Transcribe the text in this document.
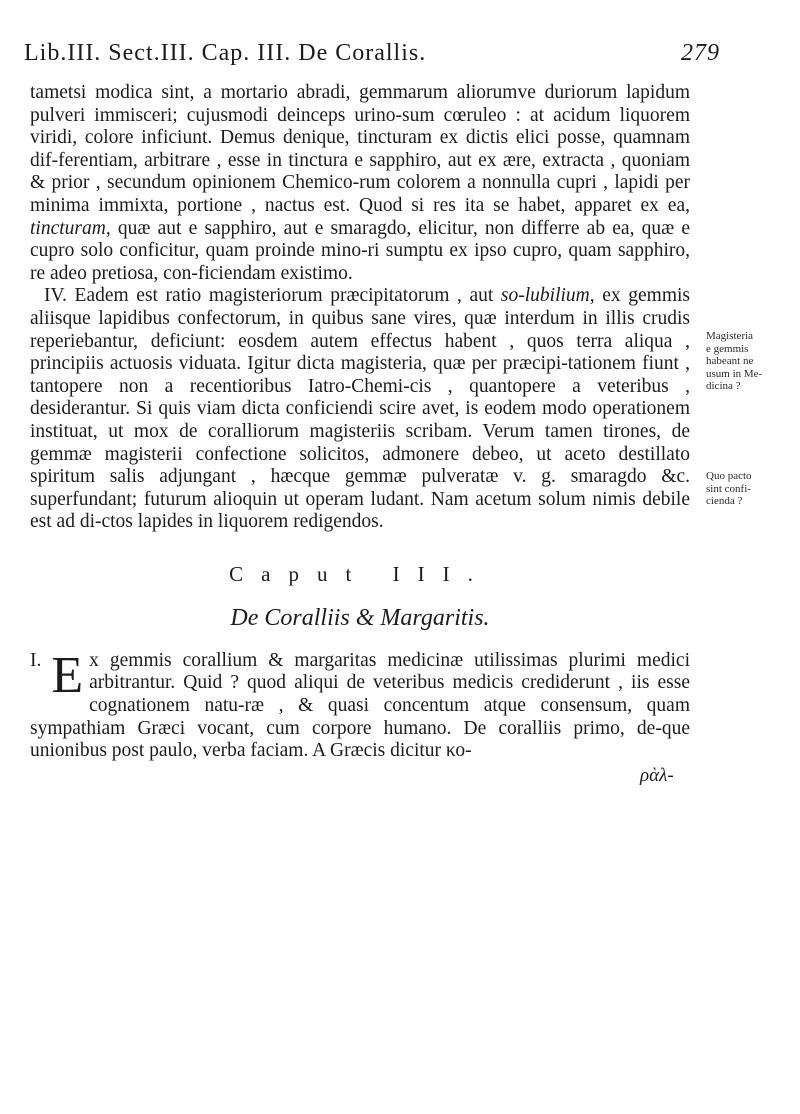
Lib.III. Sect.III. Cap. III. De Corallis.	279

tametsi modica sint, a mortario abradi, gemmarum aliorumve duriorum lapidum pulveri immisceri; cujusmodi deinceps urino-sum cœruleo : at acidum liquorem viridi, colore inficiunt. Demus denique, tincturam ex dictis elici posse, quamnam dif-ferentiam, arbitrare , esse in tinctura e sapphiro, aut ex ære, extracta , quoniam & prior , secundum opinionem Chemico-rum colorem a nonnulla cupri , lapidi per minima immixta, portione , nactus est. Quod si res ita se habet, apparet ex ea, tincturam, quæ aut e sapphiro, aut e smaragdo, elicitur, non differre ab ea, quæ e cupro solo conficitur, quam proinde mino-ri sumptu ex ipso cupro, quam sapphiro, re adeo pretiosa, con-ficiendam existimo.

IV. Eadem est ratio magisteriorum præcipitatorum , aut so-lubilium, ex gemmis aliisque lapidibus confectorum, in quibus sane vires, quæ interdum in illis crudis reperiebantur, deficiunt: eosdem autem effectus habent , quos terra aliqua , principiis actuosis viduata. Igitur dicta magisteria, quæ per præcipi-tationem fiunt , tantopere non a recentioribus Iatro-Chemi-cis , quantopere a veteribus , desiderantur. Si quis viam dicta conficiendi scire avet, is eodem modo operationem instituat, ut mox de coralliorum magisteriis scribam. Verum tamen tirones, de gemmæ magisterii confectione solicitos, admonere debeo, ut aceto destillato spiritum salis adjungant , hæcque gemmæ pulveratæ v. g. smaragdo &c. superfundant; futurum alioquin ut operam ludant. Nam acetum solum nimis debile est ad di-ctos lapides in liquorem redigendos.

Caput III.
De Coralliis & Margaritis.

I. E x gemmis corallium & margaritas medicinæ utilissimas plurimi medici arbitrantur. Quid ? quod aliqui de veteribus medicis crediderunt , iis esse cognationem natu-ræ , & quasi concentum atque consensum, quam sympathiam Græci vocant, cum corpore humano. De coralliis primo, de-que unionibus post paulo, verba faciam. A Græcis dicitur κο-

Magisteria
e gemmis
habeant ne
usum in Me-
dicina ?
Quo pacto
sint confi-
cienda ?
ρὰλ-
